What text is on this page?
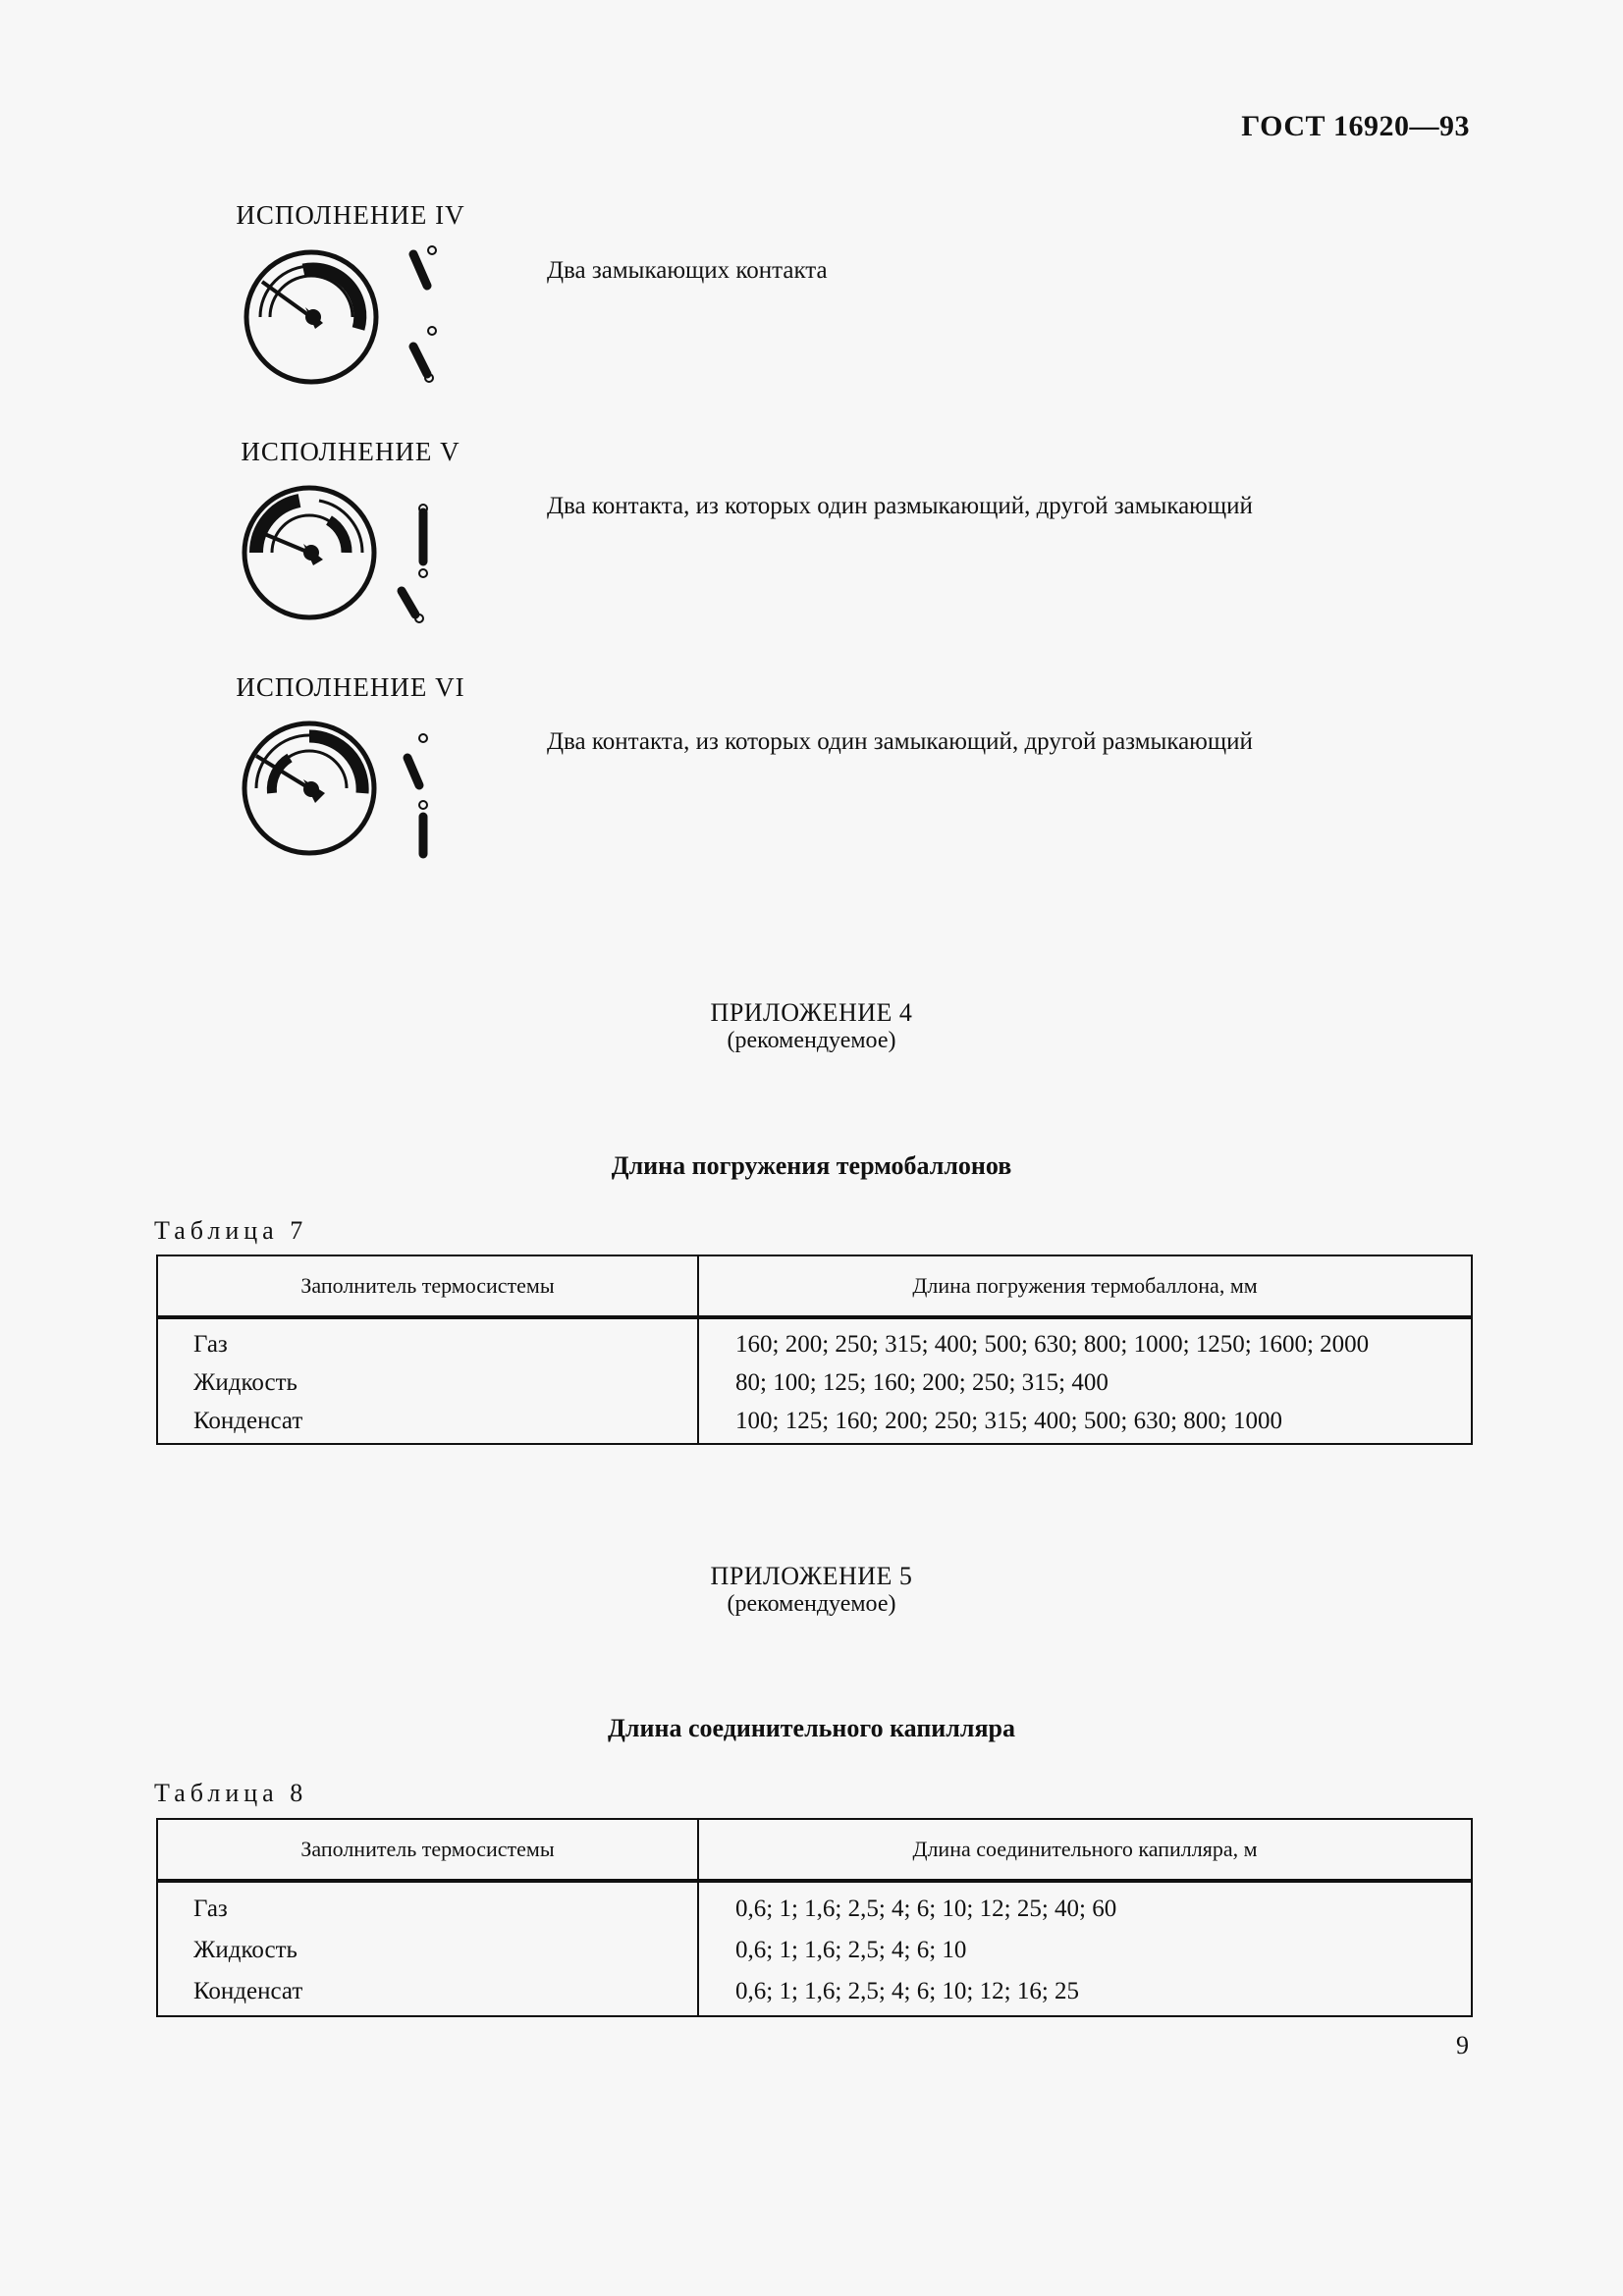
ГОСТ 16920—93
ИСПОЛНЕНИЕ IV
Два замыкающих контакта
ИСПОЛНЕНИЕ V
Два контакта, из которых один размыкающий, другой замыкающий
ИСПОЛНЕНИЕ VI
Два контакта, из которых один замыкающий, другой размыкающий
ПРИЛОЖЕНИЕ 4
(рекомендуемое)
Длина погружения термобаллонов
Таблица 7
Заполнитель термосистемы	Длина погружения термобаллона, мм
Газ	160; 200; 250; 315; 400; 500; 630; 800; 1000; 1250; 1600; 2000
Жидкость	80; 100; 125; 160; 200; 250; 315; 400
Конденсат	100; 125; 160; 200; 250; 315; 400; 500; 630; 800; 1000
ПРИЛОЖЕНИЕ 5
(рекомендуемое)
Длина соединительного капилляра
Таблица 8
Заполнитель термосистемы	Длина соединительного капилляра, м
Газ	0,6; 1; 1,6; 2,5; 4; 6; 10; 12; 25; 40; 60
Жидкость	0,6; 1; 1,6; 2,5; 4; 6; 10
Конденсат	0,6; 1; 1,6; 2,5; 4; 6; 10; 12; 16; 25
9
